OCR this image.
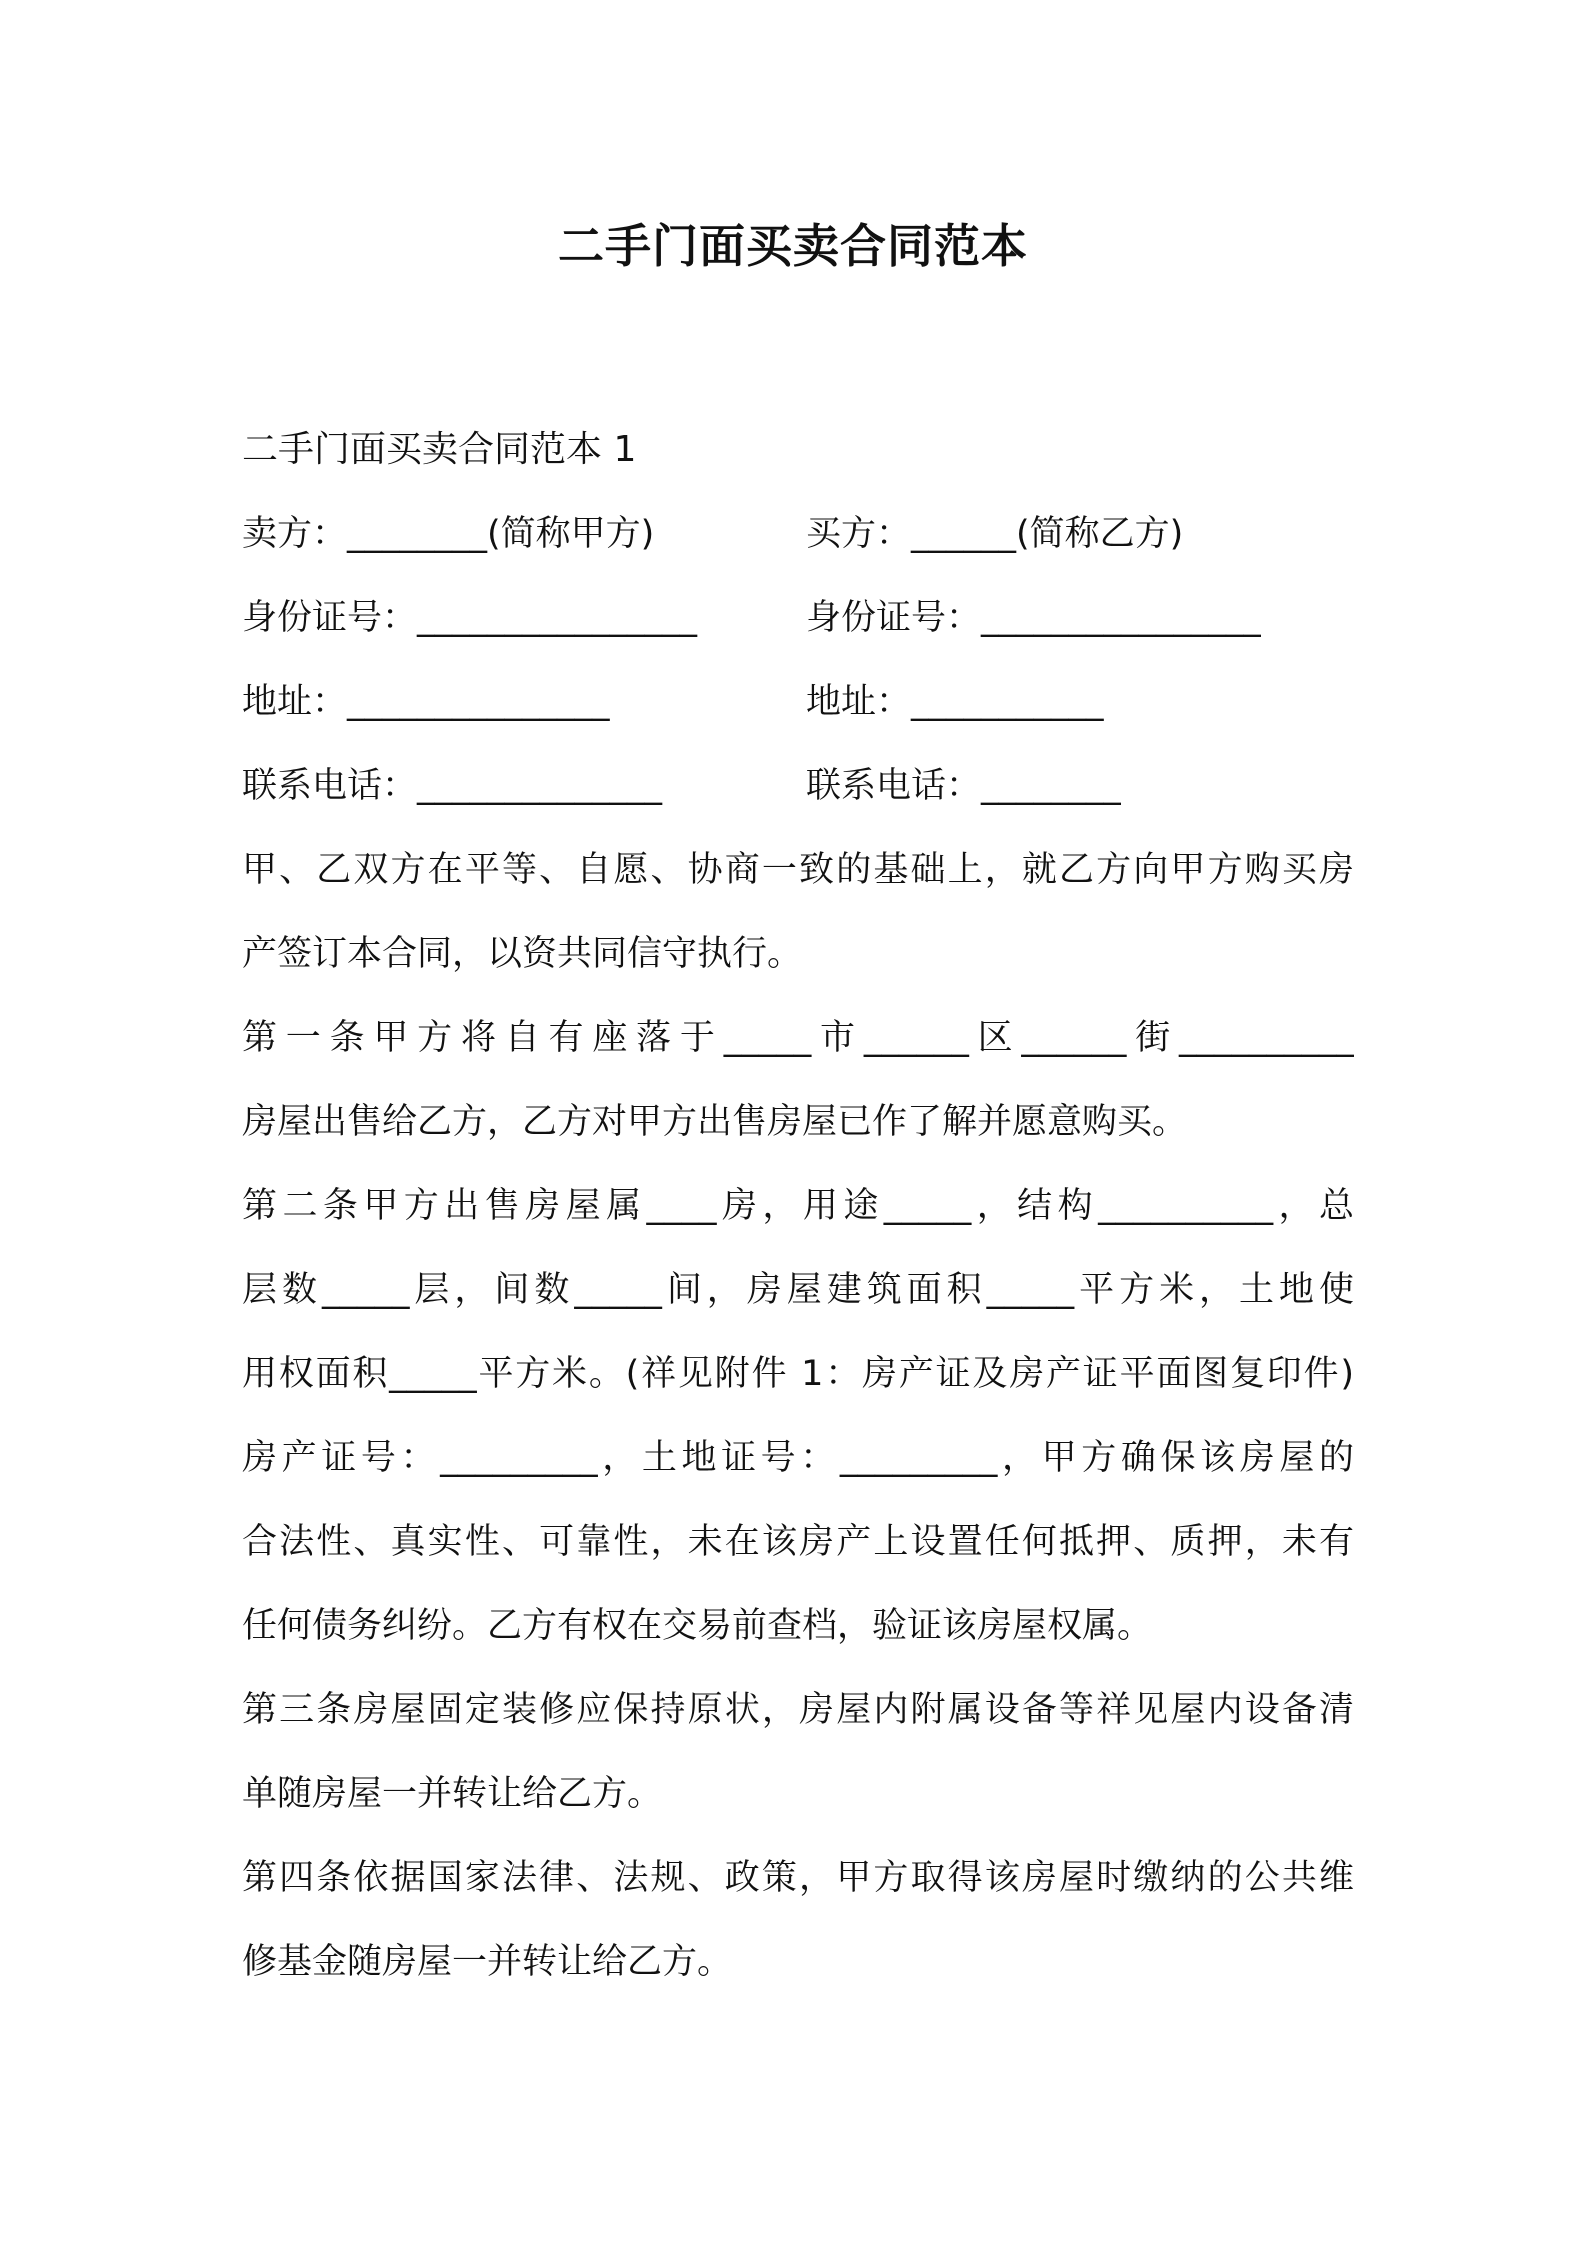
二手门面买卖合同范本
二手门面买卖合同范本 1
卖方：________(简称甲方)	买方：______(简称乙方)
身份证号：________________	身份证号：________________
地址：_______________	地址：___________
联系电话：______________	联系电话：________
甲、乙双方在平等、自愿、协商一致的基础上，就乙方向甲方购买房
产签订本合同，以资共同信守执行。
第一条甲方将自有座落于_____市______区______街__________
房屋出售给乙方，乙方对甲方出售房屋已作了解并愿意购买。
第二条甲方出售房屋属____房，用途_____，结构__________，总
层数_____层，间数_____间，房屋建筑面积_____平方米，土地使
用权面积_____平方米。(祥见附件 1：房产证及房产证平面图复印件)
房产证号：_________，土地证号：_________，甲方确保该房屋的
合法性、真实性、可靠性，未在该房产上设置任何抵押、质押，未有
任何债务纠纷。乙方有权在交易前查档，验证该房屋权属。
第三条房屋固定装修应保持原状，房屋内附属设备等祥见屋内设备清
单随房屋一并转让给乙方。
第四条依据国家法律、法规、政策，甲方取得该房屋时缴纳的公共维
修基金随房屋一并转让给乙方。
